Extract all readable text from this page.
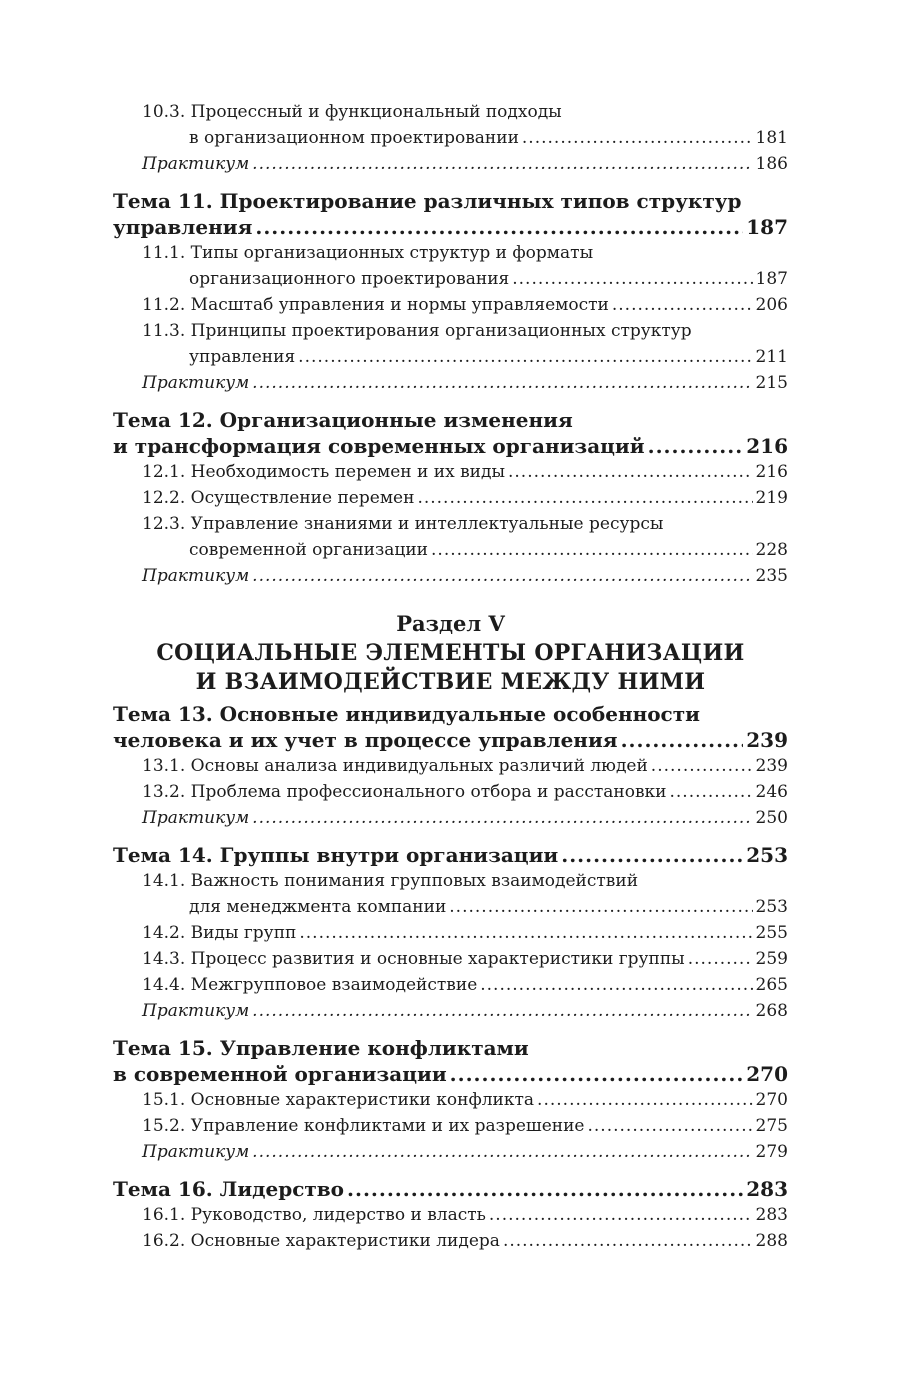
10.3. Процессный и функциональный подходы
в организационном проектировании .....	181
Практикум .....	186
Тема 11. Проектирование различных типов структур
управления .....	187
11.1. Типы организационных структур и форматы
организационного проектирования .....	187
11.2. Масштаб управления и нормы управляемости .....	206
11.3. Принципы проектирования организационных структур
управления .....	211
Практикум .....	215
Тема 12. Организационные изменения
и трансформация современных организаций .....	216
12.1. Необходимость перемен и их виды .....	216
12.2. Осуществление перемен .....	219
12.3. Управление знаниями и интеллектуальные ресурсы
современной организации .....	228
Практикум .....	235
Раздел V
СОЦИАЛЬНЫЕ ЭЛЕМЕНТЫ ОРГАНИЗАЦИИ
И ВЗАИМОДЕЙСТВИЕ МЕЖДУ НИМИ
Тема 13. Основные индивидуальные особенности
человека и их учет в процессе управления .....	239
13.1. Основы анализа индивидуальных различий людей .....	239
13.2. Проблема профессионального отбора и расстановки .....	246
Практикум .....	250
Тема 14. Группы внутри организации .....	253
14.1. Важность понимания групповых взаимодействий
для менеджмента компании .....	253
14.2. Виды групп .....	255
14.3. Процесс развития и основные характеристики группы .....	259
14.4. Межгрупповое взаимодействие .....	265
Практикум .....	268
Тема 15. Управление конфликтами
в современной организации .....	270
15.1. Основные характеристики конфликта .....	270
15.2. Управление конфликтами и их разрешение .....	275
Практикум .....	279
Тема 16. Лидерство .....	283
16.1. Руководство, лидерство и власть .....	283
16.2. Основные характеристики лидера .....	288
